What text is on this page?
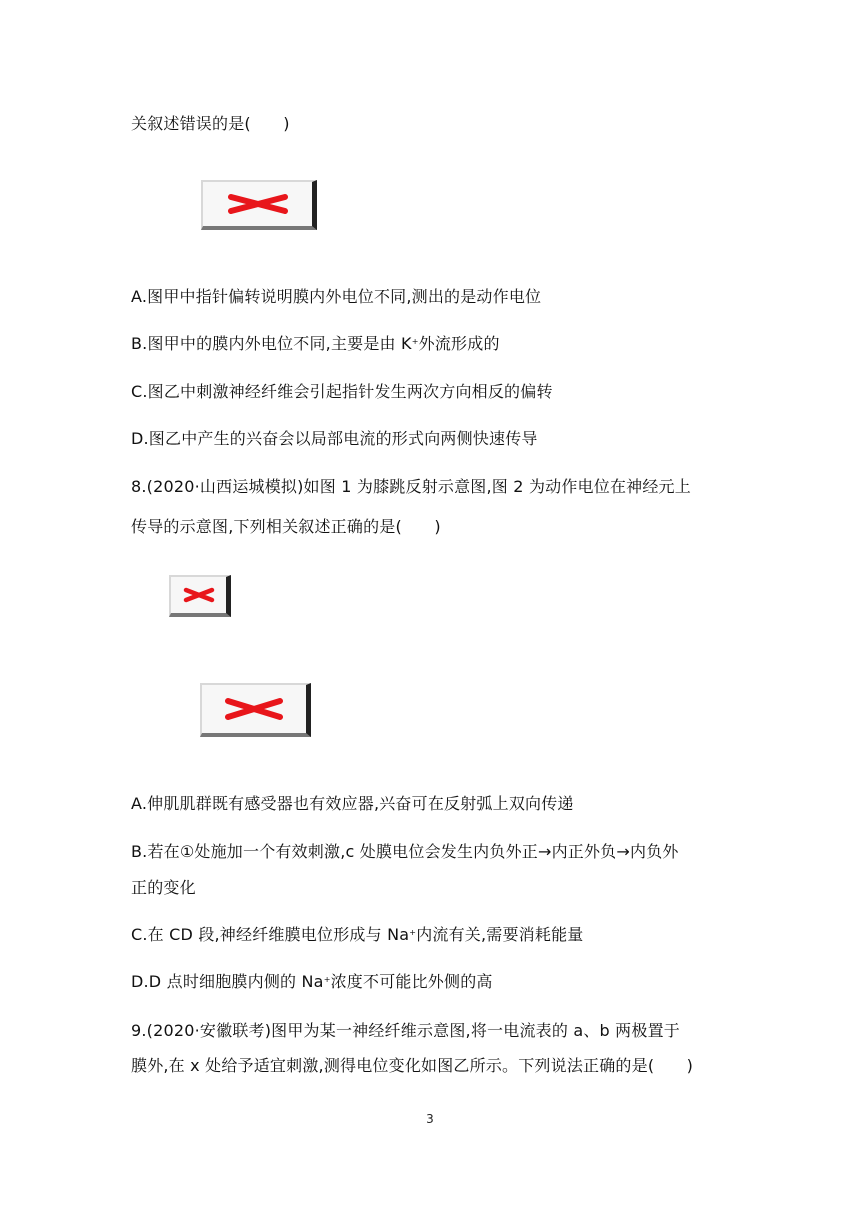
关叙述错误的是(　　)
A.图甲中指针偏转说明膜内外电位不同,测出的是动作电位
B.图甲中的膜内外电位不同,主要是由 K+外流形成的
C.图乙中刺激神经纤维会引起指针发生两次方向相反的偏转
D.图乙中产生的兴奋会以局部电流的形式向两侧快速传导
8.(2020·山西运城模拟)如图 1 为膝跳反射示意图,图 2 为动作电位在神经元上
传导的示意图,下列相关叙述正确的是(　　)
A.伸肌肌群既有感受器也有效应器,兴奋可在反射弧上双向传递
B.若在①处施加一个有效刺激,c 处膜电位会发生内负外正→内正外负→内负外
正的变化
C.在 CD 段,神经纤维膜电位形成与 Na+内流有关,需要消耗能量
D.D 点时细胞膜内侧的 Na+浓度不可能比外侧的高
9.(2020·安徽联考)图甲为某一神经纤维示意图,将一电流表的 a、b 两极置于
膜外,在 x 处给予适宜刺激,测得电位变化如图乙所示。下列说法正确的是(　　)
3
